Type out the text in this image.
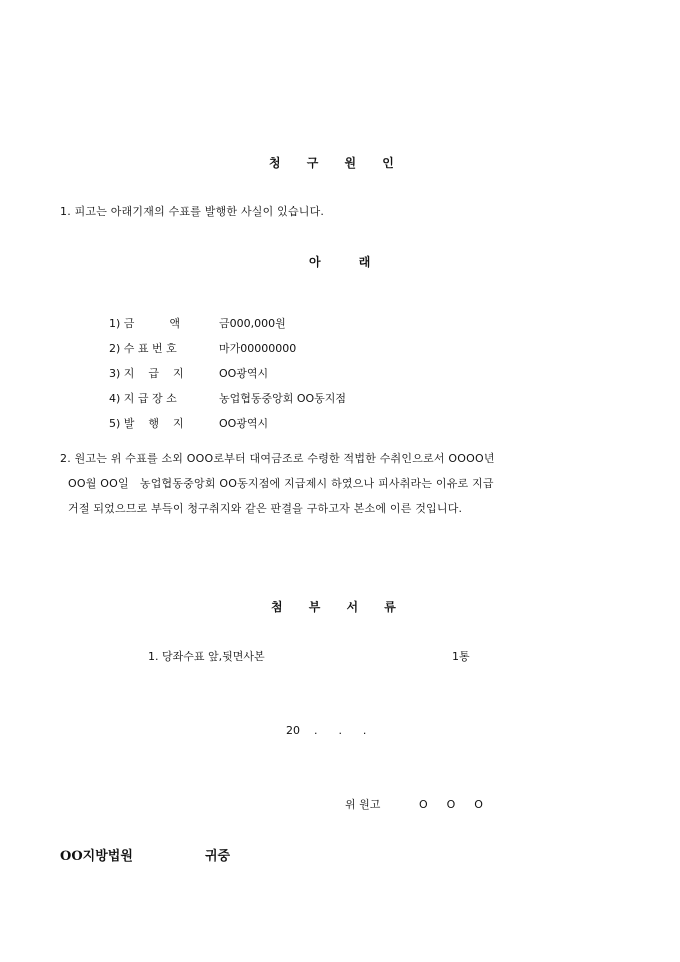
청 구 원 인
1. 피고는 아래기재의 수표를 발행한 사실이 있습니다.
아 래

1) 금          액	금000,000원

2) 수 표 번 호	마가00000000

3) 지    급    지	OO광역시

4) 지 급 장 소	농업협동중앙회 OO동지점

5) 발    행    지	OO광역시

2. 원고는 위 수표를 소외 OOO로부터 대여금조로 수령한 적법한 수취인으로서 OOOO년
OO월 OO일   농업협동중앙회 OO동지점에 지급제시 하였으나 피사취라는 이유로 지급
거절 되었으므로 부득이 청구취지와 같은 판결을 구하고자 본소에 이른 것입니다.
첨 부 서 류
1. 당좌수표 앞,뒷면사본	1통
20    .      .      .
위 원고	O  O  O
OO지방법원	귀중
